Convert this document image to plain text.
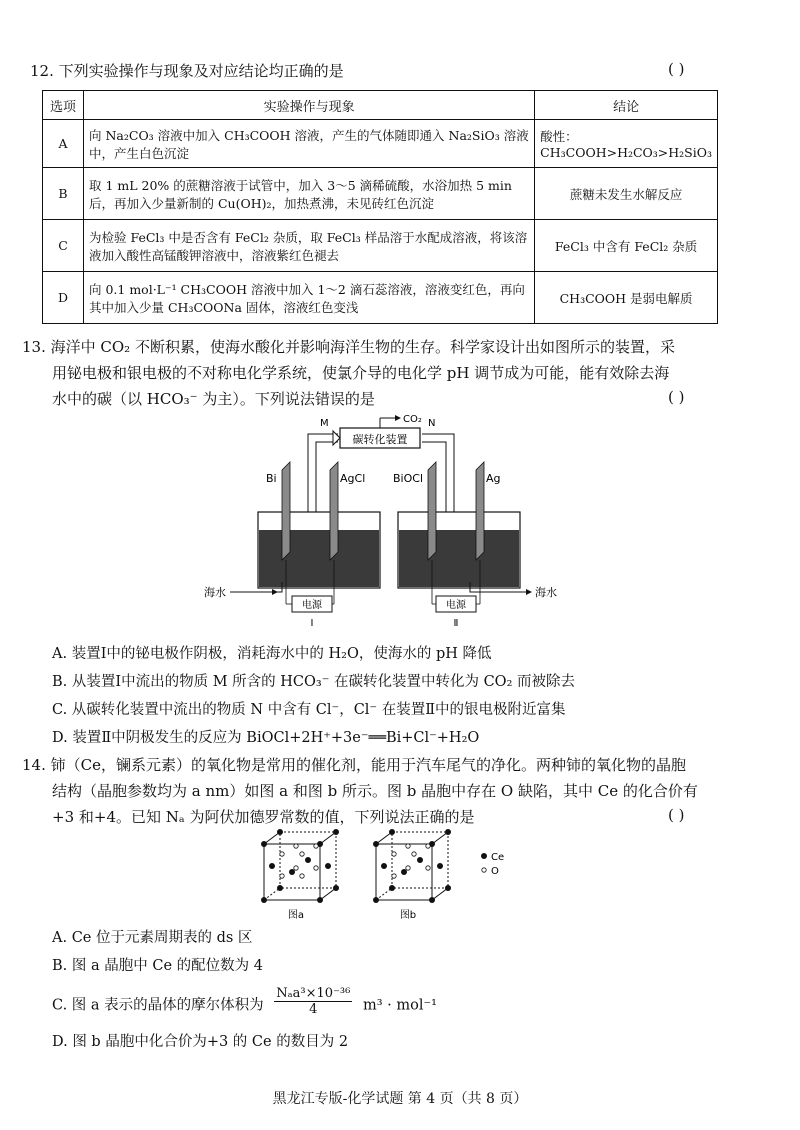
12. 下列实验操作与现象及对应结论均正确的是	( )
选项	实验操作与现象	结论
A	向 Na₂CO₃ 溶液中加入 CH₃COOH 溶液，产生的气体随即通入 Na₂SiO₃ 溶液中，产生白色沉淀	酸性：CH₃COOH>H₂CO₃>H₂SiO₃
B	取 1 mL 20% 的蔗糖溶液于试管中，加入 3～5 滴稀硫酸，水浴加热 5 min 后，再加入少量新制的 Cu(OH)₂，加热煮沸，未见砖红色沉淀	蔗糖未发生水解反应
C	为检验 FeCl₃ 中是否含有 FeCl₂ 杂质，取 FeCl₃ 样品溶于水配成溶液，将该溶液加入酸性高锰酸钾溶液中，溶液紫红色褪去	FeCl₃ 中含有 FeCl₂ 杂质
D	向 0.1 mol·L⁻¹ CH₃COOH 溶液中加入 1～2 滴石蕊溶液，溶液变红色，再向其中加入少量 CH₃COONa 固体，溶液红色变浅	CH₃COOH 是弱电解质
13. 海洋中 CO₂ 不断积累，使海水酸化并影响海洋生物的生存。科学家设计出如图所示的装置，采
用铋电极和银电极的不对称电化学系统，使氯介导的电化学 pH 调节成为可能，能有效除去海
水中的碳（以 HCO₃⁻ 为主）。下列说法错误的是	( )
碳转化装置
CO₂
M	N
Bi	AgCl	BiOCl	Ag
海水	海水
电源
Ⅰ
电源
Ⅱ
A. 装置Ⅰ中的铋电极作阴极，消耗海水中的 H₂O，使海水的 pH 降低
B. 从装置Ⅰ中流出的物质 M 所含的 HCO₃⁻ 在碳转化装置中转化为 CO₂ 而被除去
C. 从碳转化装置中流出的物质 N 中含有 Cl⁻，Cl⁻ 在装置Ⅱ中的银电极附近富集
D. 装置Ⅱ中阴极发生的反应为 BiOCl+2H⁺+3e⁻══Bi+Cl⁻+H₂O
14. 铈（Ce，镧系元素）的氧化物是常用的催化剂，能用于汽车尾气的净化。两种铈的氧化物的晶胞
结构（晶胞参数均为 a nm）如图 a 和图 b 所示。图 b 晶胞中存在 O 缺陷，其中 Ce 的化合价有
+3 和+4。已知 Nₐ 为阿伏加德罗常数的值，下列说法正确的是	( )
图a	图b
Ce
O
A. Ce 位于元素周期表的 ds 区
B. 图 a 晶胞中 Ce 的配位数为 4
C. 图 a 表示的晶体的摩尔体积为
Nₐa³×10⁻³⁶
4	m³ · mol⁻¹
D. 图 b 晶胞中化合价为+3 的 Ce 的数目为 2
黑龙江专版-化学试题 第 4 页（共 8 页）
